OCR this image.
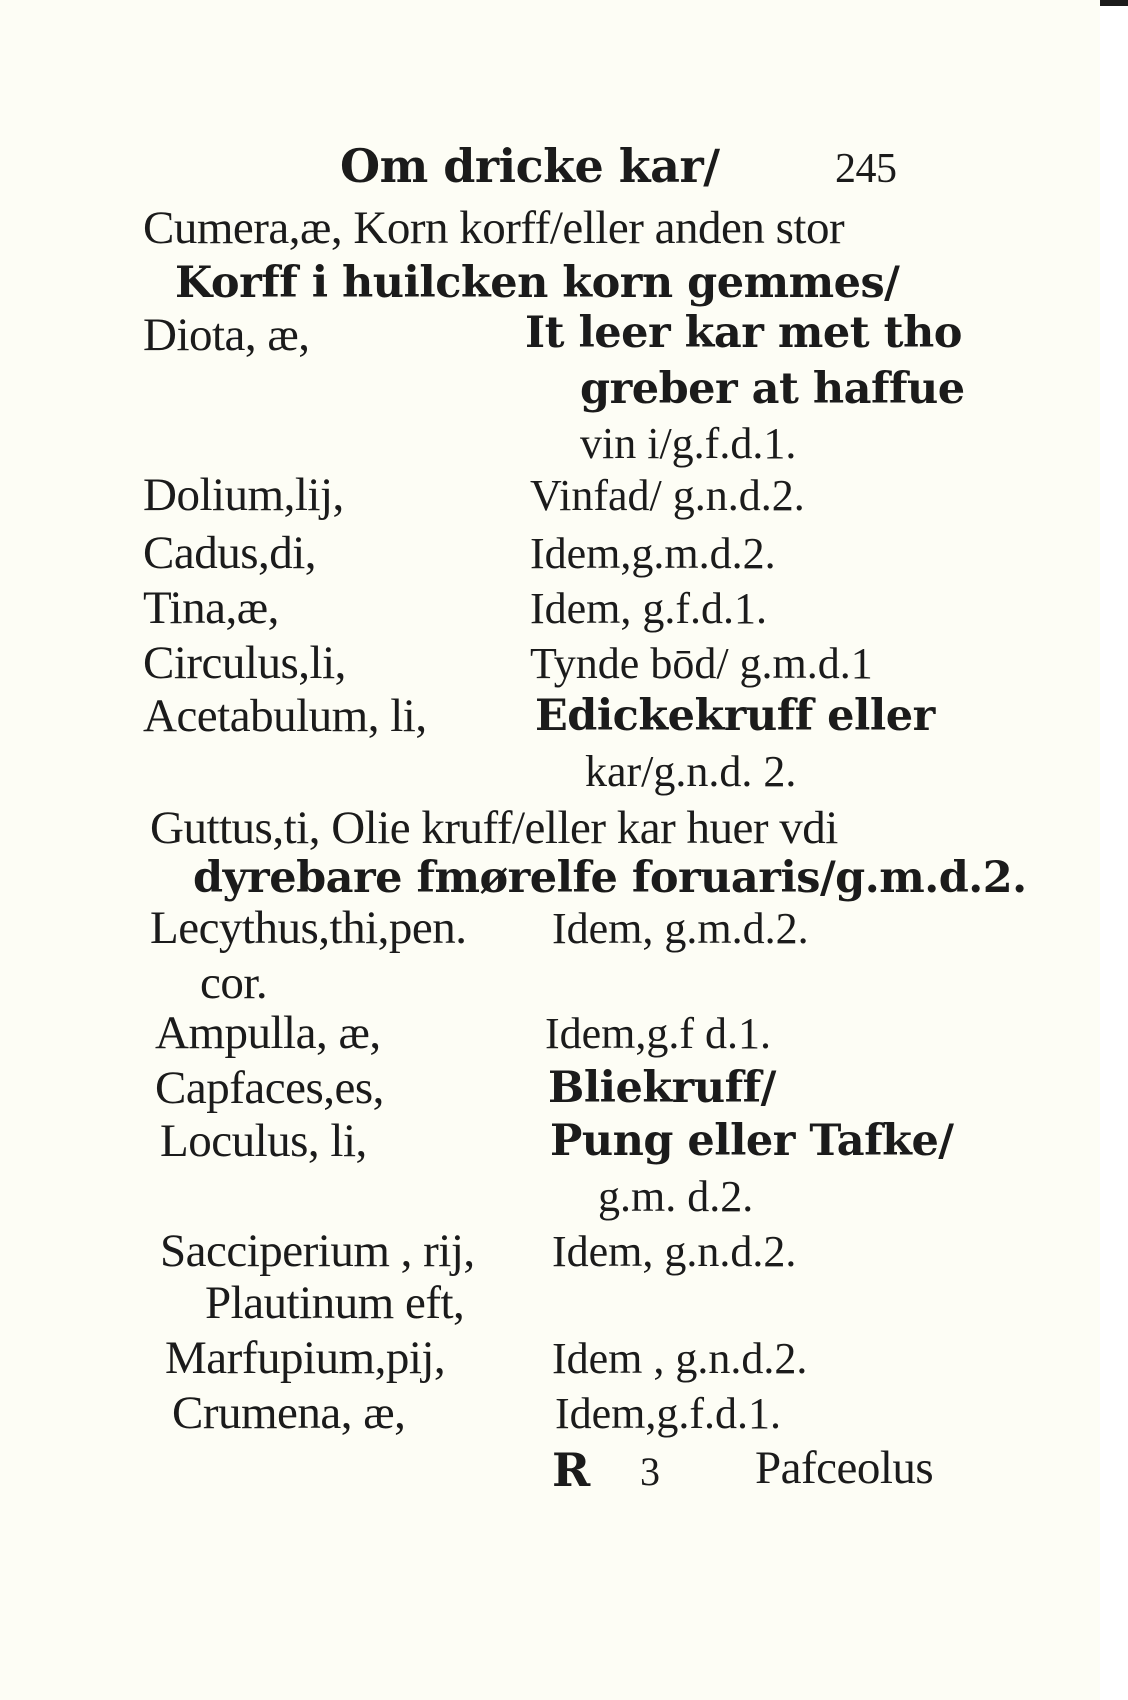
Om dricke kar/	245
Cumera,æ, Korn korff/eller anden stor
Korff i huilcken korn gemmes/
Diota, æ,	It leer kar met tho
greber at haffue
vin i/g.f.d.1.
Dolium,lij,	Vinfad/ g.n.d.2.
Cadus,di,	Idem,g.m.d.2.
Tina,æ,	Idem, g.f.d.1.
Circulus,li,	Tynde bōd/ g.m.d.1
Acetabulum, li,	Edickekruff eller
kar/g.n.d. 2.
Guttus,ti, Olie kruff/eller kar huer vdi
dyrebare fmørelfe foruaris/g.m.d.2.
Lecythus,thi,pen. Idem, g.m.d.2.
cor.
Ampulla, æ,	Idem,g.f d.1.
Capfaces,es,	Bliekruff/
Loculus, li,	Pung eller Tafke/
g.m. d.2.
Sacciperium , rij, Idem, g.n.d.2.
Plautinum eft,
Marfupium,pij, Idem , g.n.d.2.
Crumena, æ,	Idem,g.f.d.1.
R 3 Pafceolus
